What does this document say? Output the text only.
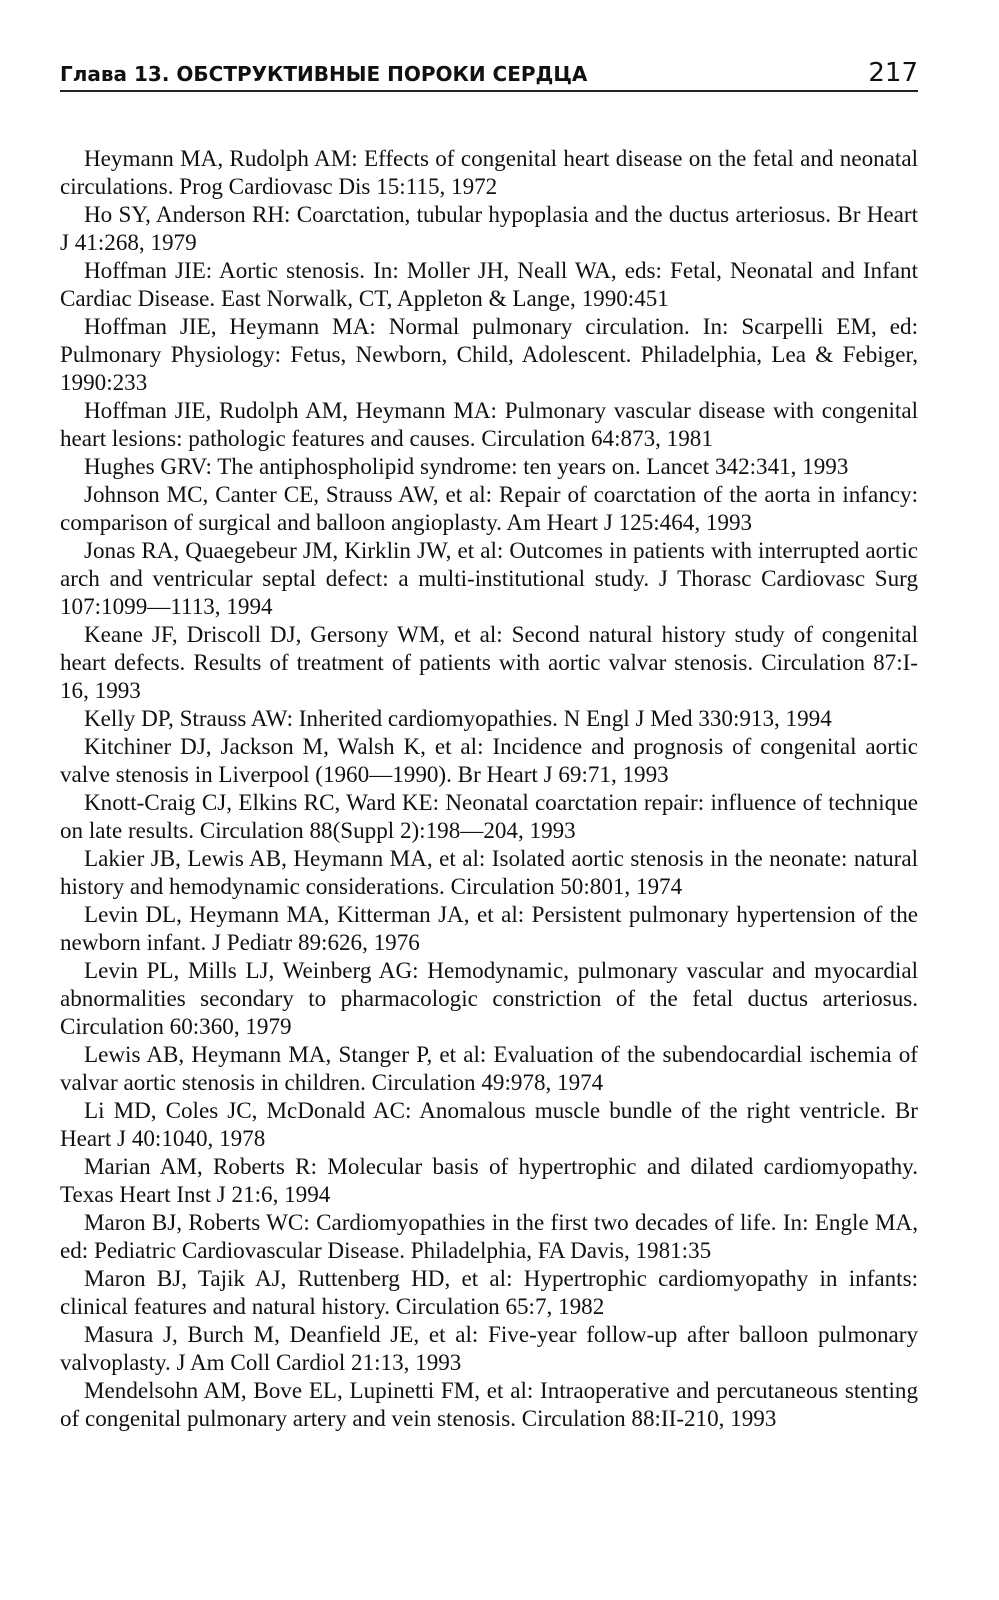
Глава 13. ОБСТРУКТИВНЫЕ ПОРОКИ СЕРДЦА	217
Heymann MA, Rudolph AM: Effects of congenital heart disease on the fetal and neonatal circulations. Prog Cardiovasc Dis 15:115, 1972
Ho SY, Anderson RH: Coarctation, tubular hypoplasia and the ductus arteriosus. Br Heart J 41:268, 1979
Hoffman JIE: Aortic stenosis. In: Moller JH, Neall WA, eds: Fetal, Neonatal and Infant Cardiac Disease. East Norwalk, CT, Appleton & Lange, 1990:451
Hoffman JIE, Heymann MA: Normal pulmonary circulation. In: Scarpelli EM, ed: Pulmonary Physiology: Fetus, Newborn, Child, Adolescent. Philadelphia, Lea & Febiger, 1990:233
Hoffman JIE, Rudolph AM, Heymann MA: Pulmonary vascular disease with congenital heart lesions: pathologic features and causes. Circulation 64:873, 1981
Hughes GRV: The antiphospholipid syndrome: ten years on. Lancet 342:341, 1993
Johnson MC, Canter CE, Strauss AW, et al: Repair of coarctation of the aorta in infancy: comparison of surgical and balloon angioplasty. Am Heart J 125:464, 1993
Jonas RA, Quaegebeur JM, Kirklin JW, et al: Outcomes in patients with interrupted aortic arch and ventricular septal defect: a multi-institutional study. J Thorasc Cardiovasc Surg 107:1099—1113, 1994
Keane JF, Driscoll DJ, Gersony WM, et al: Second natural history study of congenital heart defects. Results of treatment of patients with aortic valvar stenosis. Circulation 87:I-16, 1993
Kelly DP, Strauss AW: Inherited cardiomyopathies. N Engl J Med 330:913, 1994
Kitchiner DJ, Jackson M, Walsh K, et al: Incidence and prognosis of congenital aortic valve stenosis in Liverpool (1960—1990). Br Heart J 69:71, 1993
Knott-Craig CJ, Elkins RC, Ward KE: Neonatal coarctation repair: influence of technique on late results. Circulation 88(Suppl 2):198—204, 1993
Lakier JB, Lewis AB, Heymann MA, et al: Isolated aortic stenosis in the neonate: natural history and hemodynamic considerations. Circulation 50:801, 1974
Levin DL, Heymann MA, Kitterman JA, et al: Persistent pulmonary hypertension of the newborn infant. J Pediatr 89:626, 1976
Levin PL, Mills LJ, Weinberg AG: Hemodynamic, pulmonary vascular and myocardial abnormalities secondary to pharmacologic constriction of the fetal ductus arteriosus. Circulation 60:360, 1979
Lewis AB, Heymann MA, Stanger P, et al: Evaluation of the subendocardial ischemia of valvar aortic stenosis in children. Circulation 49:978, 1974
Li MD, Coles JC, McDonald AC: Anomalous muscle bundle of the right ventricle. Br Heart J 40:1040, 1978
Marian AM, Roberts R: Molecular basis of hypertrophic and dilated cardiomyopathy. Texas Heart Inst J 21:6, 1994
Maron BJ, Roberts WC: Cardiomyopathies in the first two decades of life. In: Engle MA, ed: Pediatric Cardiovascular Disease. Philadelphia, FA Davis, 1981:35
Maron BJ, Tajik AJ, Ruttenberg HD, et al: Hypertrophic cardiomyopathy in infants: clinical features and natural history. Circulation 65:7, 1982
Masura J, Burch M, Deanfield JE, et al: Five-year follow-up after balloon pulmonary valvoplasty. J Am Coll Cardiol 21:13, 1993
Mendelsohn AM, Bove EL, Lupinetti FM, et al: Intraoperative and percutaneous stenting of congenital pulmonary artery and vein stenosis. Circulation 88:II-210, 1993
